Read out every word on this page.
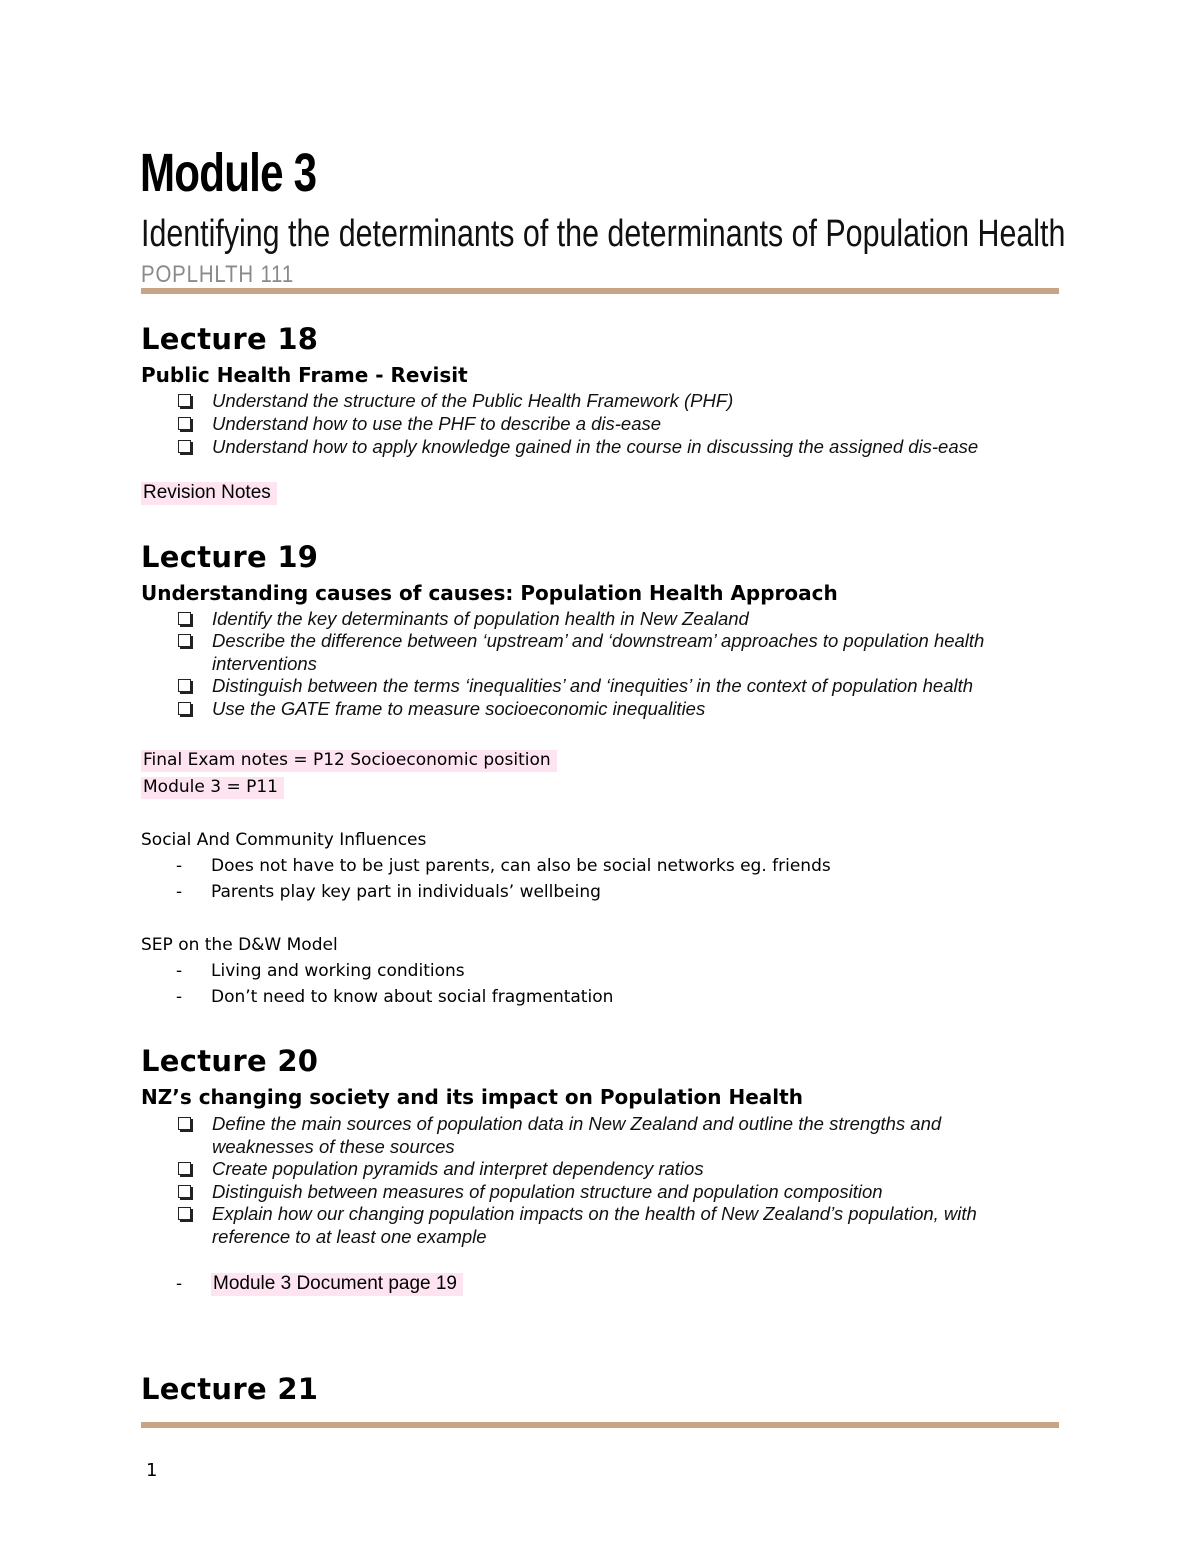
Module 3
Identifying the determinants of the determinants of Population Health
POPLHLTH 111
Lecture 18
Public Health Frame - Revisit
Understand the structure of the Public Health Framework (PHF)
Understand how to use the PHF to describe a dis-ease
Understand how to apply knowledge gained in the course in discussing the assigned dis-ease
Revision Notes
Lecture 19
Understanding causes of causes: Population Health Approach
Identify the key determinants of population health in New Zealand
Describe the difference between ‘upstream’ and ‘downstream’ approaches to population health interventions
Distinguish between the terms ‘inequalities’ and ‘inequities’ in the context of population health
Use the GATE frame to measure socioeconomic inequalities
Final Exam notes = P12 Socioeconomic position
Module 3 = P11
Social And Community Influences
- Does not have to be just parents, can also be social networks eg. friends
- Parents play key part in individuals’ wellbeing
SEP on the D&W Model
- Living and working conditions
- Don’t need to know about social fragmentation
Lecture 20
NZ’s changing society and its impact on Population Health
Define the main sources of population data in New Zealand and outline the strengths and weaknesses of these sources
Create population pyramids and interpret dependency ratios
Distinguish between measures of population structure and population composition
Explain how our changing population impacts on the health of New Zealand’s population, with reference to at least one example
- Module 3 Document page 19
Lecture 21
1
